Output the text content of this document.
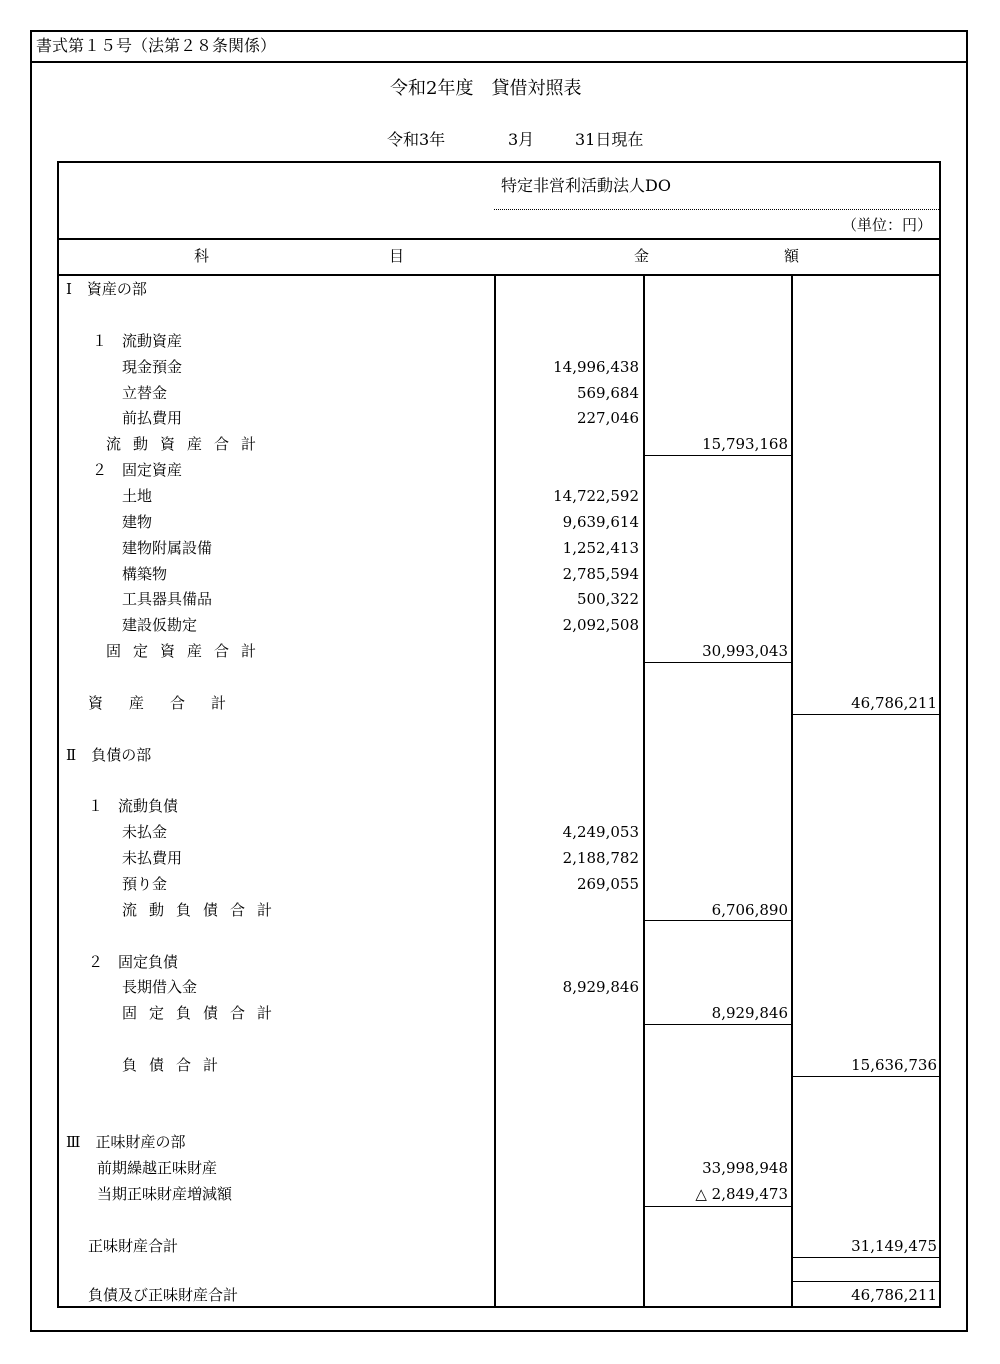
書式第１５号（法第２８条関係）
令和2年度　貸借対照表
令和3年	3月	31日現在
特定非営利活動法人DO
（単位：円）
科　　　　　　　　　　　　目	金　　　　　　　　　額
Ⅰ　資産の部
１　流動資産
現金預金	14,996,438
立替金	569,684
前払費用	227,046
流動資産合計	15,793,168
２　固定資産
土地	14,722,592
建物	9,639,614
建物附属設備	1,252,413
構築物	2,785,594
工具器具備品	500,322
建設仮勘定	2,092,508
固定資産合計	30,993,043
資産合計	46,786,211
Ⅱ　負債の部
１　流動負債
未払金	4,249,053
未払費用	2,188,782
預り金	269,055
流動負債合計	6,706,890
２　固定負債
長期借入金	8,929,846
固定負債合計	8,929,846
負債合計	15,636,736
Ⅲ　正味財産の部
前期繰越正味財産	33,998,948
当期正味財産増減額	△ 2,849,473
正味財産合計	31,149,475
負債及び正味財産合計	46,786,211
